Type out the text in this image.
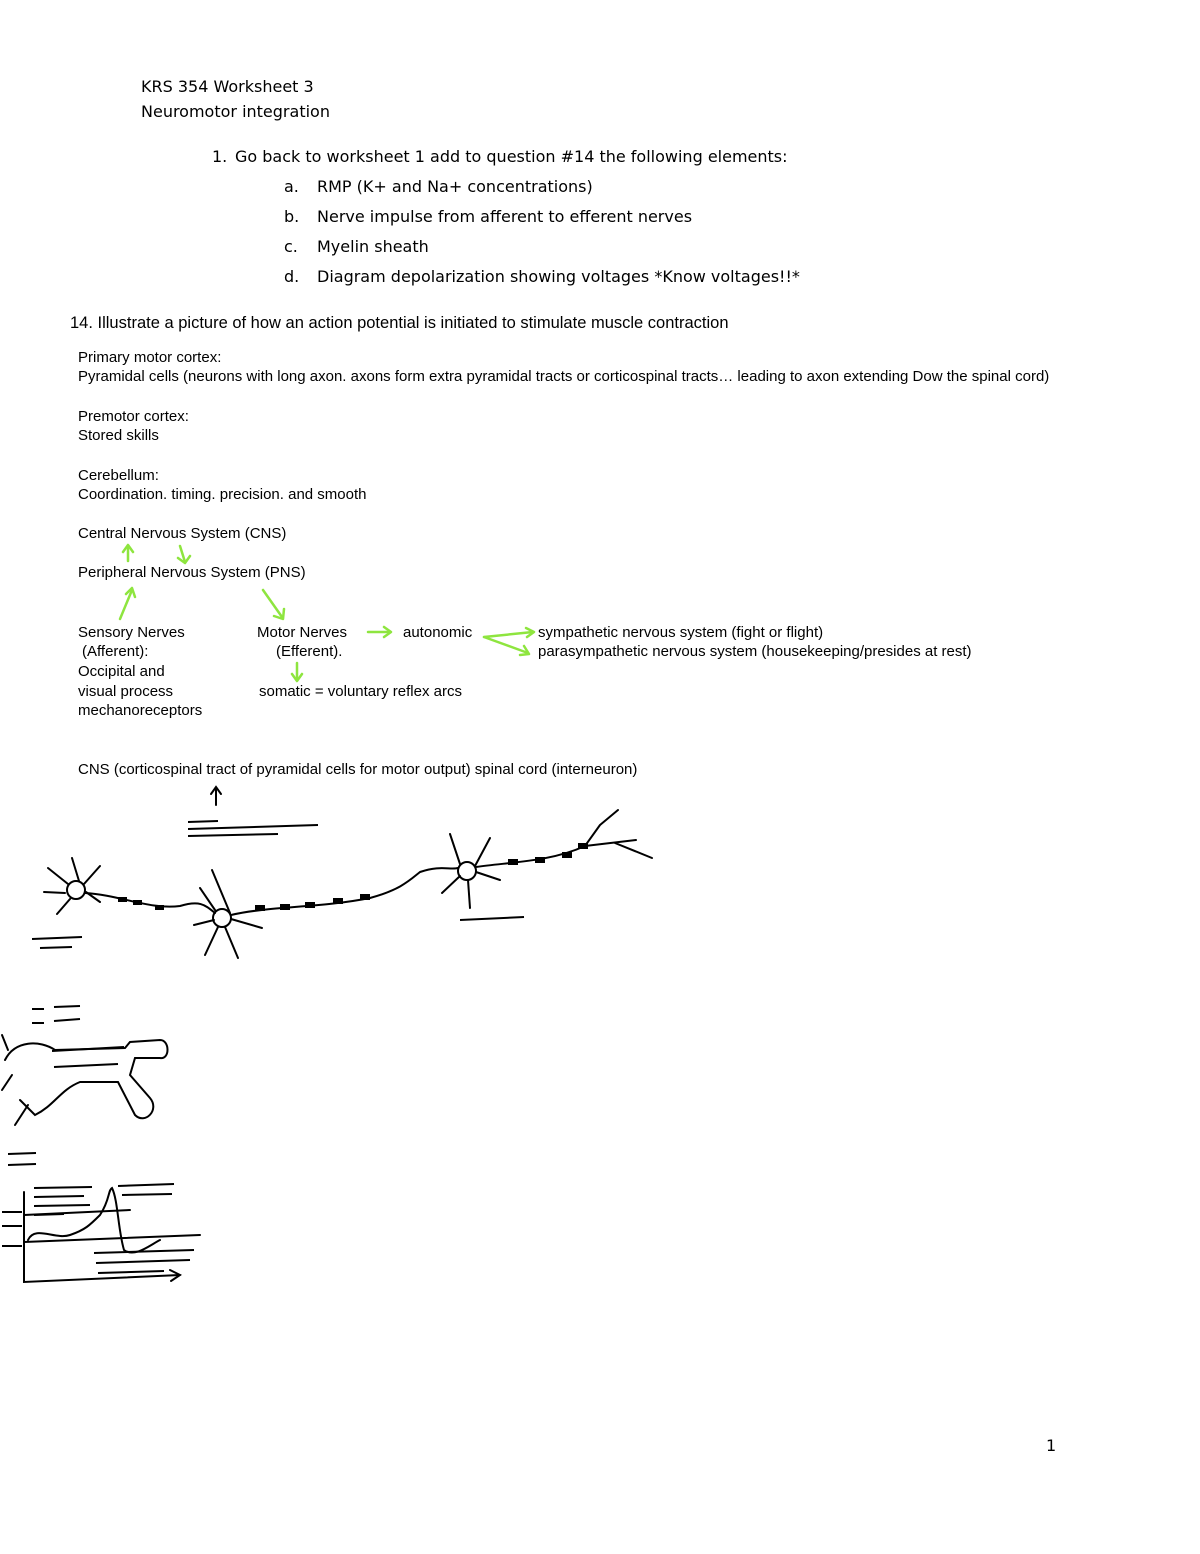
KRS 354 Worksheet 3
Neuromotor integration
1. Go back to worksheet 1 add to question #14 the following elements:
a. RMP (K+ and Na+ concentrations)
b. Nerve impulse from afferent to efferent nerves
c. Myelin sheath
d. Diagram depolarization showing voltages *Know voltages!!*
14. Illustrate a picture of how an action potential is initiated to stimulate muscle contraction
Primary motor cortex:
Pyramidal cells (neurons with long axon. axons form extra pyramidal tracts or corticospinal tracts… leading to axon extending Dow the spinal cord)
Premotor cortex:
Stored skills
Cerebellum:
Coordination. timing. precision. and smooth
Central Nervous System (CNS)
Peripheral Nervous System (PNS)
Sensory Nerves
(Afferent):
Occipital and
visual process
mechanoreceptors
Motor Nerves
(Efferent).
autonomic	sympathetic nervous system (fight or flight)
parasympathetic nervous system (housekeeping/presides at rest)
somatic = voluntary reflex arcs
CNS (corticospinal tract of pyramidal cells for motor output) spinal cord (interneuron)
1
